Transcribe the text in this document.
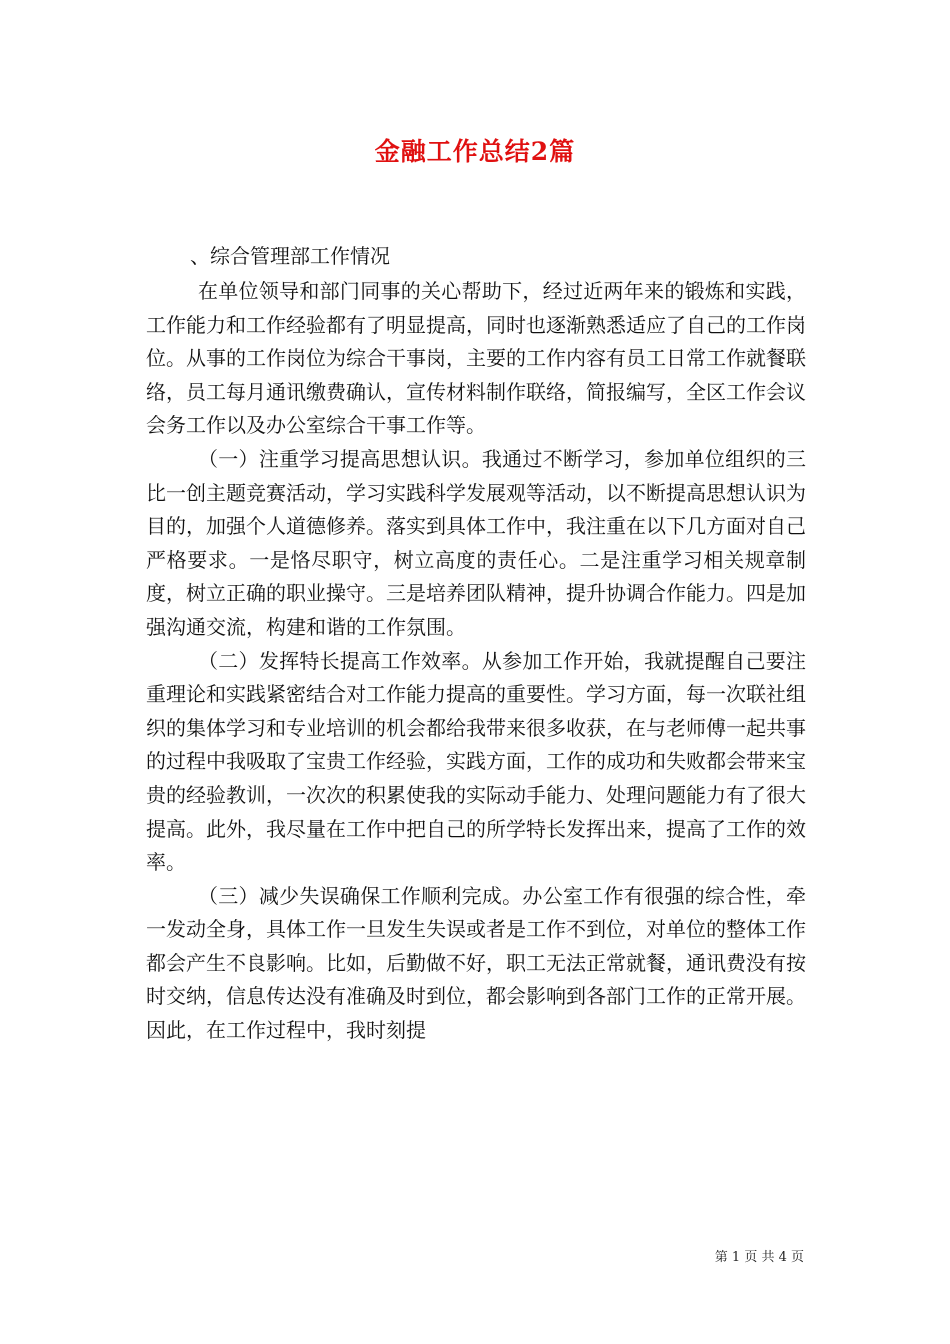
金融工作总结2篇
、综合管理部工作情况

在单位领导和部门同事的关心帮助下，经过近两年来的锻炼和实践，工作能力和工作经验都有了明显提高，同时也逐渐熟悉适应了自己的工作岗位。从事的工作岗位为综合干事岗，主要的工作内容有员工日常工作就餐联络，员工每月通讯缴费确认，宣传材料制作联络，简报编写，全区工作会议会务工作以及办公室综合干事工作等。

（一）注重学习提高思想认识。我通过不断学习，参加单位组织的三比一创主题竞赛活动，学习实践科学发展观等活动，以不断提高思想认识为目的，加强个人道德修养。落实到具体工作中，我注重在以下几方面对自己严格要求。一是恪尽职守，树立高度的责任心。二是注重学习相关规章制度，树立正确的职业操守。三是培养团队精神，提升协调合作能力。四是加强沟通交流，构建和谐的工作氛围。

（二）发挥特长提高工作效率。从参加工作开始，我就提醒自己要注重理论和实践紧密结合对工作能力提高的重要性。学习方面，每一次联社组织的集体学习和专业培训的机会都给我带来很多收获，在与老师傅一起共事的过程中我吸取了宝贵工作经验，实践方面，工作的成功和失败都会带来宝贵的经验教训，一次次的积累使我的实际动手能力、处理问题能力有了很大提高。此外，我尽量在工作中把自己的所学特长发挥出来，提高了工作的效率。

（三）减少失误确保工作顺利完成。办公室工作有很强的综合性，牵一发动全身，具体工作一旦发生失误或者是工作不到位，对单位的整体工作都会产生不良影响。比如，后勤做不好，职工无法正常就餐，通讯费没有按时交纳，信息传达没有准确及时到位，都会影响到各部门工作的正常开展。因此，在工作过程中，我时刻提

第 1 页 共 4 页
